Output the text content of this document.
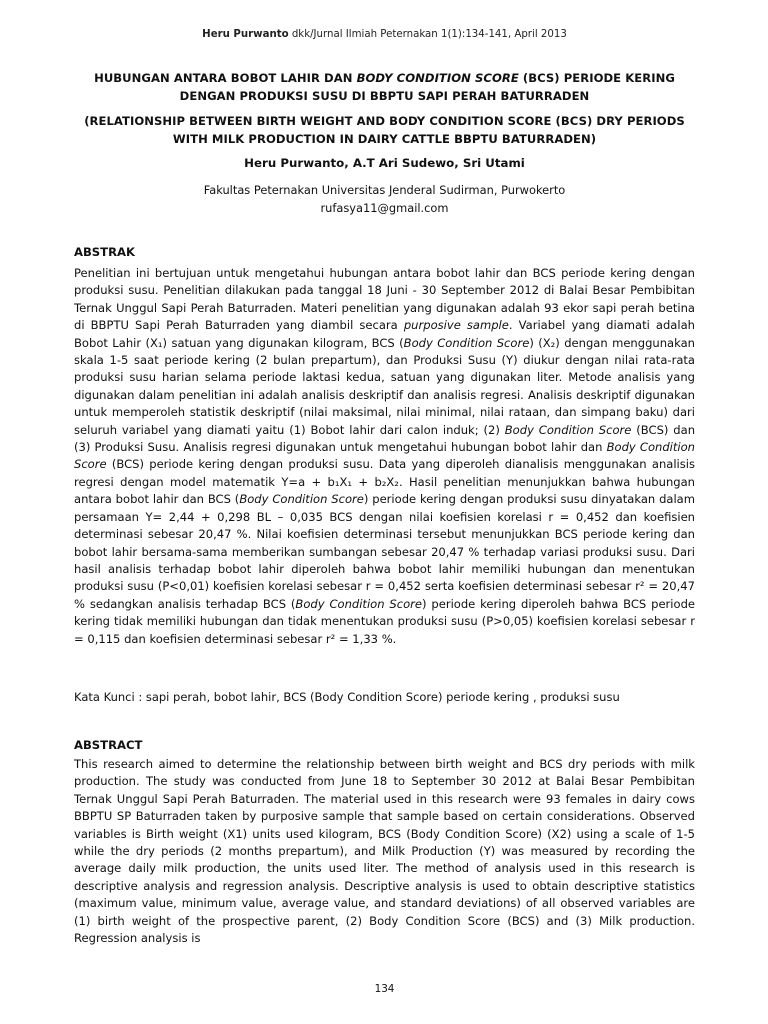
Heru Purwanto dkk/Jurnal Ilmiah Peternakan 1(1):134-141, April 2013
HUBUNGAN ANTARA BOBOT LAHIR DAN BODY CONDITION SCORE (BCS) PERIODE KERING
DENGAN PRODUKSI SUSU DI BBPTU SAPI PERAH BATURRADEN
(RELATIONSHIP BETWEEN BIRTH WEIGHT AND BODY CONDITION SCORE (BCS) DRY PERIODS
WITH MILK PRODUCTION IN DAIRY CATTLE BBPTU BATURRADEN)
Heru Purwanto, A.T Ari Sudewo, Sri Utami
Fakultas Peternakan Universitas Jenderal Sudirman, Purwokerto
rufasya11@gmail.com
ABSTRAK
Penelitian ini bertujuan untuk mengetahui hubungan antara bobot lahir dan BCS periode kering dengan produksi susu. Penelitian dilakukan pada tanggal 18 Juni - 30 September 2012 di Balai Besar Pembibitan Ternak Unggul Sapi Perah Baturraden. Materi penelitian yang digunakan adalah 93 ekor sapi perah betina di BBPTU Sapi Perah Baturraden yang diambil secara purposive sample. Variabel yang diamati adalah Bobot Lahir (X₁) satuan yang digunakan kilogram, BCS (Body Condition Score) (X₂) dengan menggunakan skala 1-5 saat periode kering (2 bulan prepartum), dan Produksi Susu (Y) diukur dengan nilai rata-rata produksi susu harian selama periode laktasi kedua, satuan yang digunakan liter. Metode analisis yang digunakan dalam penelitian ini adalah analisis deskriptif dan analisis regresi. Analisis deskriptif digunakan untuk memperoleh statistik deskriptif (nilai maksimal, nilai minimal, nilai rataan, dan simpang baku) dari seluruh variabel yang diamati yaitu (1) Bobot lahir dari calon induk; (2) Body Condition Score (BCS) dan (3) Produksi Susu. Analisis regresi digunakan untuk mengetahui hubungan bobot lahir dan Body Condition Score (BCS) periode kering dengan produksi susu. Data yang diperoleh dianalisis menggunakan analisis regresi dengan model matematik Y=a + b₁X₁ + b₂X₂. Hasil penelitian menunjukkan bahwa hubungan antara bobot lahir dan BCS (Body Condition Score) periode kering dengan produksi susu dinyatakan dalam persamaan Y= 2,44 + 0,298 BL – 0,035 BCS dengan nilai koefisien korelasi r = 0,452 dan koefisien determinasi sebesar 20,47 %. Nilai koefisien determinasi tersebut menunjukkan BCS periode kering dan bobot lahir bersama-sama memberikan sumbangan sebesar 20,47 % terhadap variasi produksi susu. Dari hasil analisis terhadap bobot lahir diperoleh bahwa bobot lahir memiliki hubungan dan menentukan produksi susu (P<0,01) koefisien korelasi sebesar r = 0,452 serta koefisien determinasi sebesar r² = 20,47 % sedangkan analisis terhadap BCS (Body Condition Score) periode kering diperoleh bahwa BCS periode kering tidak memiliki hubungan dan tidak menentukan produksi susu (P>0,05) koefisien korelasi sebesar r = 0,115 dan koefisien determinasi sebesar r² = 1,33 %.
Kata Kunci : sapi perah, bobot lahir, BCS (Body Condition Score) periode kering , produksi susu
ABSTRACT
This research aimed to determine the relationship between birth weight and BCS dry periods with milk production. The study was conducted from June 18 to September 30 2012 at Balai Besar Pembibitan Ternak Unggul Sapi Perah Baturraden. The material used in this research were 93 females in dairy cows BBPTU SP Baturraden taken by purposive sample that sample based on certain considerations. Observed variables is Birth weight (X1) units used kilogram, BCS (Body Condition Score) (X2) using a scale of 1-5 while the dry periods (2 months prepartum), and Milk Production (Y) was measured by recording the average daily milk production, the units used liter. The method of analysis used in this research is descriptive analysis and regression analysis. Descriptive analysis is used to obtain descriptive statistics (maximum value, minimum value, average value, and standard deviations) of all observed variables are (1) birth weight of the prospective parent, (2) Body Condition Score (BCS) and (3) Milk production. Regression analysis is
134
